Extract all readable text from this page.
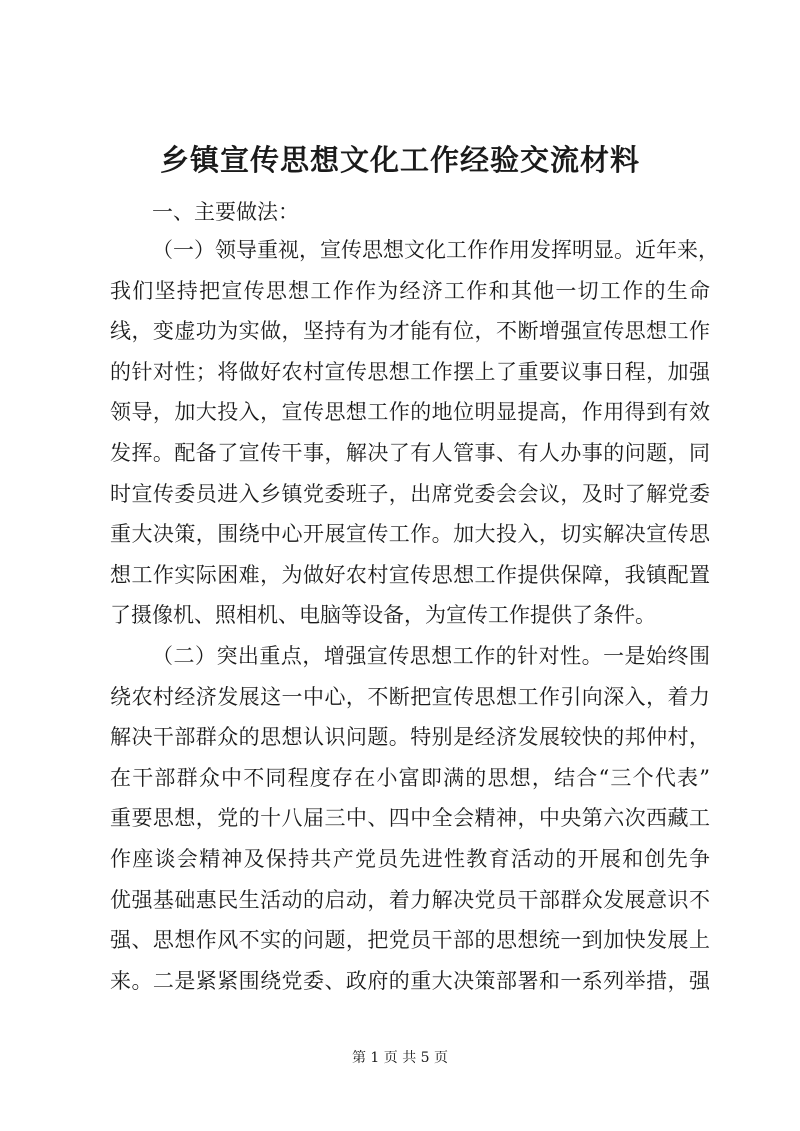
乡镇宣传思想文化工作经验交流材料
一、主要做法：
（一）领导重视，宣传思想文化工作作用发挥明显。近年来，
我们坚持把宣传思想工作作为经济工作和其他一切工作的生命
线，变虚功为实做，坚持有为才能有位，不断增强宣传思想工作
的针对性；将做好农村宣传思想工作摆上了重要议事日程，加强
领导，加大投入，宣传思想工作的地位明显提高，作用得到有效
发挥。配备了宣传干事，解决了有人管事、有人办事的问题，同
时宣传委员进入乡镇党委班子，出席党委会会议，及时了解党委
重大决策，围绕中心开展宣传工作。加大投入，切实解决宣传思
想工作实际困难，为做好农村宣传思想工作提供保障，我镇配置
了摄像机、照相机、电脑等设备，为宣传工作提供了条件。
（二）突出重点，增强宣传思想工作的针对性。一是始终围
绕农村经济发展这一中心，不断把宣传思想工作引向深入，着力
解决干部群众的思想认识问题。特别是经济发展较快的邦仲村，
在干部群众中不同程度存在小富即满的思想，结合“三个代表”
重要思想，党的十八届三中、四中全会精神，中央第六次西藏工
作座谈会精神及保持共产党员先进性教育活动的开展和创先争
优强基础惠民生活动的启动，着力解决党员干部群众发展意识不
强、思想作风不实的问题，把党员干部的思想统一到加快发展上
来。二是紧紧围绕党委、政府的重大决策部署和一系列举措，强
第 1 页 共 5 页
